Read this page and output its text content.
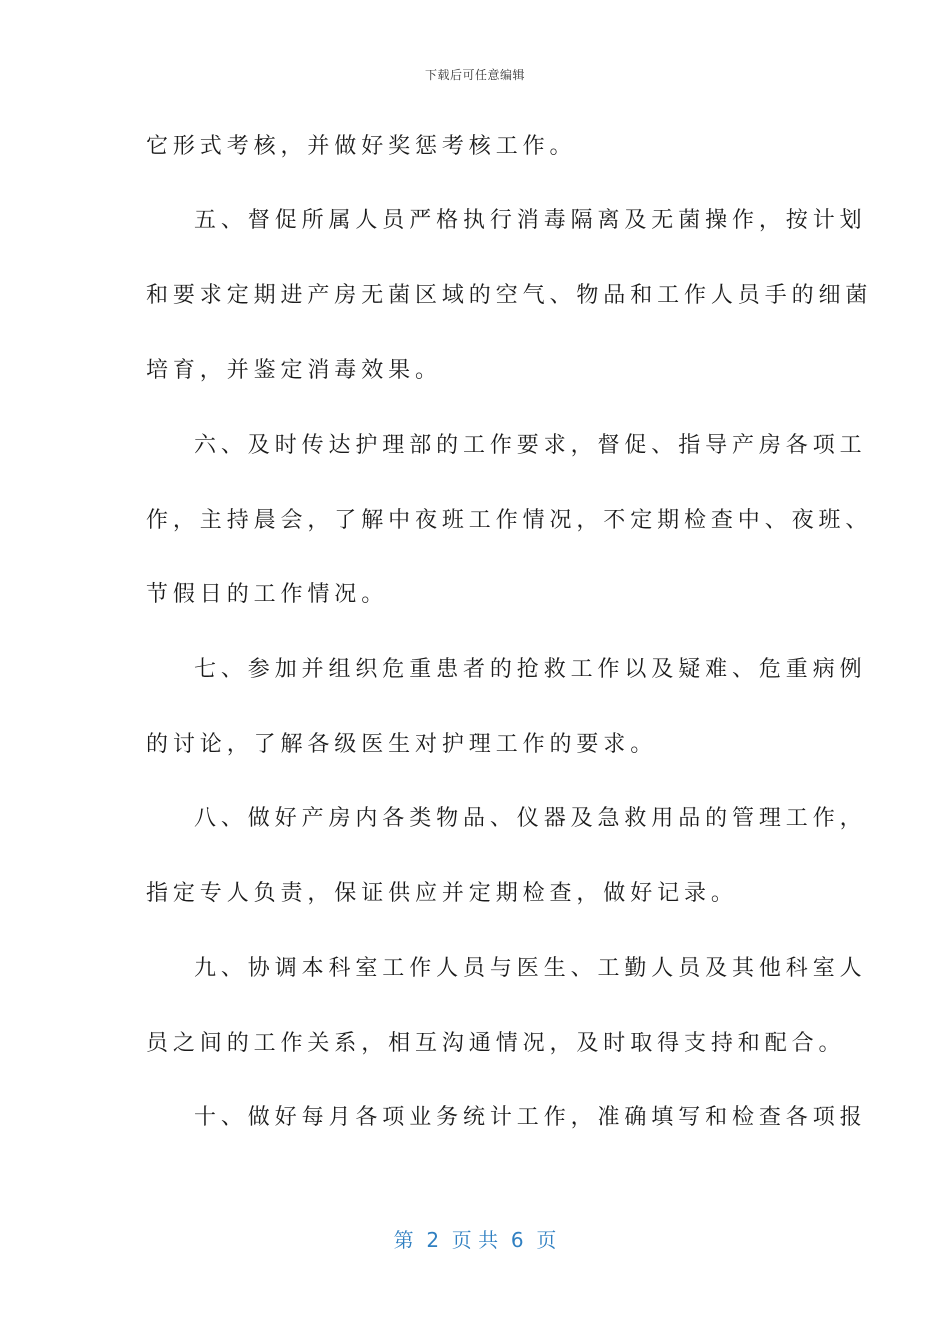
下载后可任意编辑
它形式考核，并做好奖惩考核工作。
五、督促所属人员严格执行消毒隔离及无菌操作，按计划
和要求定期进产房无菌区域的空气、物品和工作人员手的细菌
培育，并鉴定消毒效果。
六、及时传达护理部的工作要求，督促、指导产房各项工
作，主持晨会，了解中夜班工作情况，不定期检查中、夜班、
节假日的工作情况。
七、参加并组织危重患者的抢救工作以及疑难、危重病例
的讨论，了解各级医生对护理工作的要求。
八、做好产房内各类物品、仪器及急救用品的管理工作，
指定专人负责，保证供应并定期检查，做好记录。
九、协调本科室工作人员与医生、工勤人员及其他科室人
员之间的工作关系，相互沟通情况，及时取得支持和配合。
十、做好每月各项业务统计工作，准确填写和检查各项报
第  2  页 共  6  页
